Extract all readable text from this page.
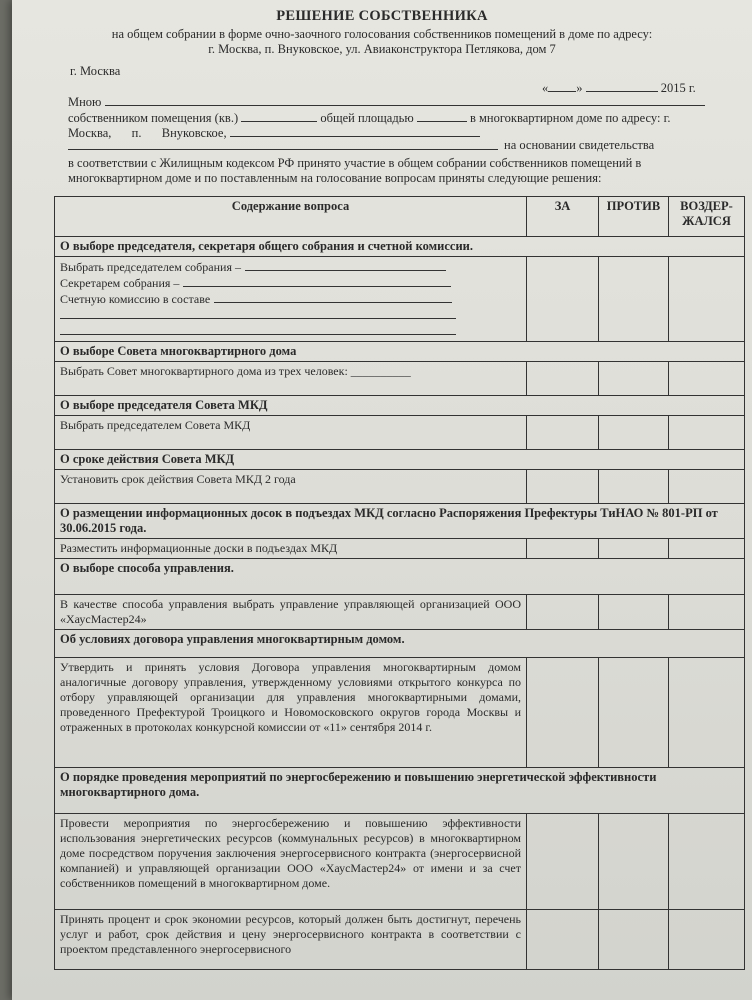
РЕШЕНИЕ СОБСТВЕННИКА
на общем собрании в форме очно-заочного голосования собственников помещений в доме по адресу:
г. Москва, п. Внуковское, ул. Авиаконструктора Петлякова, дом 7
г. Москва
« »	2015 г.
Мною
собственником помещения (кв.)	общей площадью	в многоквартирном доме по адресу: г.
Москва, п. Внуковское,
на основании свидетельства
в соответствии с Жилищным кодексом РФ принято участие в общем собрании собственников помещений в многоквартирном доме и по поставленным на голосование вопросам приняты следующие решения:
Содержание вопроса	ЗА	ПРОТИВ	ВОЗДЕР-ЖАЛСЯ
О выборе председателя, секретаря общего собрания и счетной комиссии.			

Выбрать председателем собрания –
Секретарем собрания –
Счетную комиссию в составе			

О выборе Совета многоквартирного дома			
Выбрать Совет многоквартирного дома из трех человек: __________			
О выборе председателя Совета МКД			
Выбрать председателем Совета МКД			
О сроке действия Совета МКД			
Установить срок действия Совета МКД 2 года			
О размещении информационных досок в подъездах МКД согласно Распоряжения Префектуры ТиНАО № 801-РП от 30.06.2015 года.			
Разместить информационные доски в подъездах МКД			
О выборе способа управления.			
В качестве способа управления выбрать управление управляющей организацией ООО «ХаусМастер24»			
Об условиях договора управления многоквартирным домом.			
Утвердить и принять условия Договора управления многоквартирным домом аналогичные договору управления, утвержденному условиями открытого конкурса по отбору управляющей организации для управления многоквартирными домами, проведенного Префектурой Троицкого и Новомосковского округов города Москвы и отраженных в протоколах конкурсной комиссии от «11» сентября 2014 г.			
О порядке проведения мероприятий по энергосбережению и повышению энергетической эффективности многоквартирного дома.			
Провести мероприятия по энергосбережению и повышению эффективности использования энергетических ресурсов (коммунальных ресурсов) в многоквартирном доме посредством поручения заключения энергосервисного контракта (энергосервисной компанией) и управляющей организации ООО «ХаусМастер24» от имени и за счет собственников помещений в многоквартирном доме.			
Принять процент и срок экономии ресурсов, который должен быть достигнут, перечень услуг и работ, срок действия и цену энергосервисного контракта в соответствии с проектом представленного энергосервисного			
